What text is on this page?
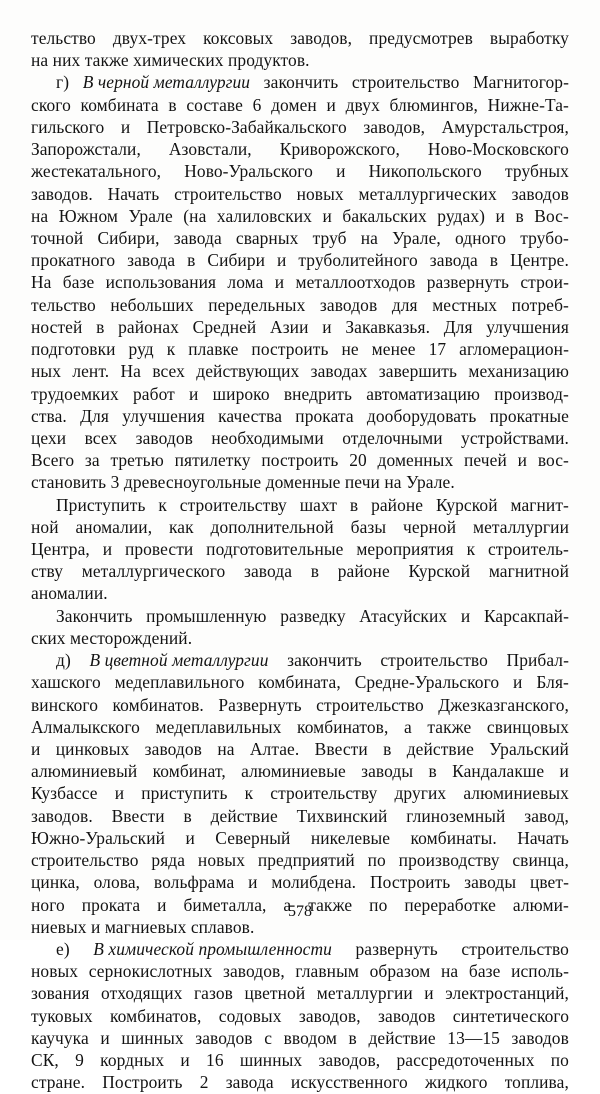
тельство двух-трех коксовых заводов, предусмотрев выработку
на них также химических продуктов.
г) В черной металлургии закончить строительство Магнитогор-
ского комбината в составе 6 домен и двух блюмингов, Нижне-Та-
гильского и Петровско-Забайкальского заводов, Амурстальстроя,
Запорожстали, Азовстали, Криворожского, Ново-Московского
жестекатального, Ново-Уральского и Никопольского трубных
заводов. Начать строительство новых металлургических заводов
на Южном Урале (на халиловских и бакальских рудах) и в Вос-
точной Сибири, завода сварных труб на Урале, одного трубо-
прокатного завода в Сибири и труболитейного завода в Центре.
На базе использования лома и металлоотходов развернуть строи-
тельство небольших передельных заводов для местных потреб-
ностей в районах Средней Азии и Закавказья. Для улучшения
подготовки руд к плавке построить не менее 17 агломерацион-
ных лент. На всех действующих заводах завершить механизацию
трудоемких работ и широко внедрить автоматизацию производ-
ства. Для улучшения качества проката дооборудовать прокатные
цехи всех заводов необходимыми отделочными устройствами.
Всего за третью пятилетку построить 20 доменных печей и вос-
становить 3 древесноугольные доменные печи на Урале.
Приступить к строительству шахт в районе Курской магнит-
ной аномалии, как дополнительной базы черной металлургии
Центра, и провести подготовительные мероприятия к строитель-
ству металлургического завода в районе Курской магнитной
аномалии.
Закончить промышленную разведку Атасуйских и Карсакпай-
ских месторождений.
д) В цветной металлургии закончить строительство Прибал-
хашского медеплавильного комбината, Средне-Уральского и Бля-
винского комбинатов. Развернуть строительство Джезказганского,
Алмалыкского медеплавильных комбинатов, а также свинцовых
и цинковых заводов на Алтае. Ввести в действие Уральский
алюминиевый комбинат, алюминиевые заводы в Кандалакше и
Кузбассе и приступить к строительству других алюминиевых
заводов. Ввести в действие Тихвинский глиноземный завод,
Южно-Уральский и Северный никелевые комбинаты. Начать
строительство ряда новых предприятий по производству свинца,
цинка, олова, вольфрама и молибдена. Построить заводы цвет-
ного проката и биметалла, а также по переработке алюми-
ниевых и магниевых сплавов.
е) В химической промышленности развернуть строительство
новых сернокислотных заводов, главным образом на базе исполь-
зования отходящих газов цветной металлургии и электростанций,
туковых комбинатов, содовых заводов, заводов синтетического
каучука и шинных заводов с вводом в действие 13—15 заводов
СК, 9 кордных и 16 шинных заводов, рассредоточенных по
стране. Построить 2 завода искусственного жидкого топлива,
578
